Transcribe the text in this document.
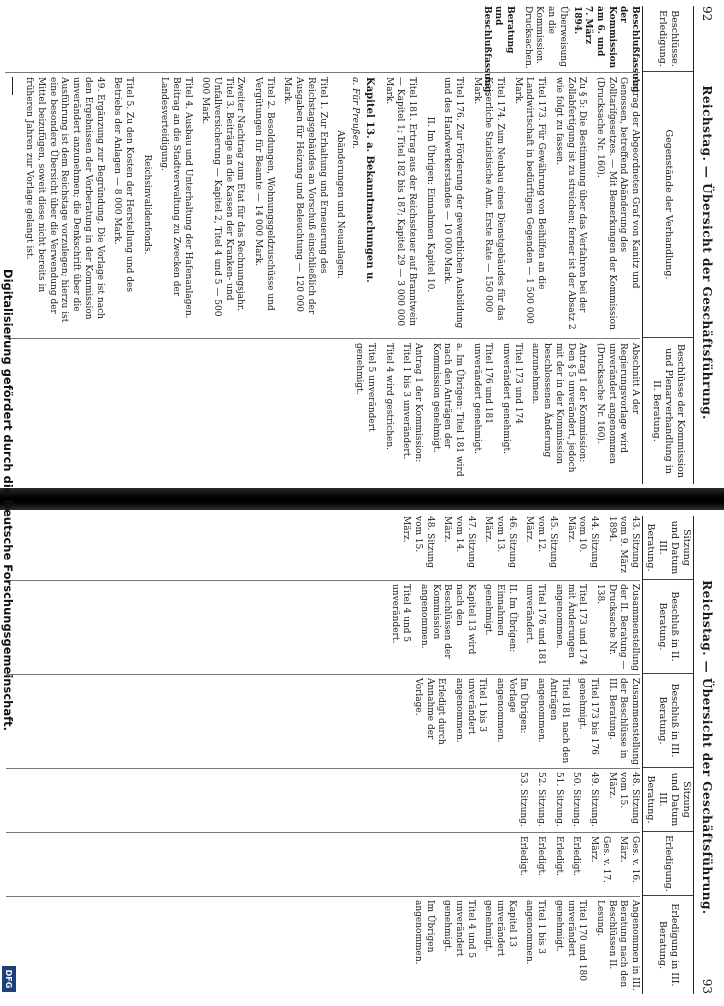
92
Reichstag. — Übersicht der Geschäftsführung.
Beschlüsse. Erledigung.
Gegenstände der Verhandlung.
Beschlüsse der Kommission und Plenarverhandlung in II. Beratung.
Beschlußfassung der Kommission am 6. und 7. März 1894.
Überweisung an die Kommission. Drucksachen.
Beratung und Beschlußfassung.
Antrag der Abgeordneten Graf von Kanitz und Genossen, betreffend Abänderung des Zolltarifgesetzes. — Mit Bemerkungen der Kommission (Drucksache Nr. 160).
Zu § 5: Die Bestimmung über das Verfahren bei der Zollabfertigung ist zu streichen; ferner ist der Absatz 2 wie folgt zu fassen.
Titel 173. Für Gewährung von Beihilfen an die Landwirtschaft in bedürftigen Gegenden — 1 500 000 Mark.
Titel 174. Zum Neubau eines Dienstgebäudes für das Kaiserliche Statistische Amt. Erste Rate — 150 000 Mark.
Titel 176. Zur Förderung der gewerblichen Ausbildung und des Handwerkerstandes — 10 000 Mark.
II. Im Übrigen: Einnahmen Kapitel 10.
Titel 181. Ertrag aus der Reichssteuer auf Branntwein — Kapitel 1; Titel 182 bis 187; Kapitel 29 — 3 000 000 Mark.
Kapitel 13. a. Bekanntmachungen u.
a. Für Preußen.
Abänderungen und Neuanlagen.
Titel 1. Zur Erhaltung und Erneuerung des Reichstagsgebäudes an Vorschuß einschließlich der Ausgaben für Heizung und Beleuchtung — 120 000 Mark.
Titel 2. Besoldungen, Wohnungsgeldzuschüsse und Vergütungen für Beamte — 14 000 Mark.
Zweiter Nachtrag zum Etat für das Rechnungsjahr. Titel 3. Beiträge an die Kassen der Kranken- und Unfallversicherung — Kapitel 2, Titel 4 und 5 — 500 000 Mark.
Titel 4. Ausbau und Unterhaltung der Hafenanlagen. Beitrag an die Stadtverwaltung zu Zwecken der Landesverteidigung.
Reichsinvalidenfonds.
Titel 5. Zu den Kosten der Herstellung und des Betriebs der Anlagen — 8 000 Mark.
49. Ergänzung zur Begründung. Die Vorlage ist nach den Ergebnissen der Vorberatung in der Kommission unverändert anzunehmen; die Denkschrift über die Ausführung ist dem Reichstage vorzulegen; hierzu ist eine besondere Übersicht über die Verwendung der Mittel beizufügen, soweit diese nicht bereits in früheren Jahren zur Vorlage gelangt ist.
Abschnitt A der Regierungsvorlage wird unverändert angenommen (Drucksache Nr. 160).
Antrag 1 der Kommission: Den § 5 unverändert, jedoch mit der in der Kommission beschlossenen Änderung anzunehmen.
Titel 173 und 174 unverändert genehmigt.
Titel 176 und 181 unverändert genehmigt.
a. Im Übrigen: Titel 181 wird nach den Anträgen der Kommission genehmigt.
Antrag 1 der Kommission: Titel 1 bis 3 unverändert.
Titel 4 wird gestrichen.
Titel 5 unverändert genehmigt.
Reichstag. — Übersicht der Geschäftsführung.
93
Sitzung und Datum III. Beratung.
Beschluß in II. Beratung.
Beschluß in III. Beratung.
Sitzung und Datum III. Beratung.
Erledigung.
Erledigung in III. Beratung.
43. Sitzung vom 9. März 1894.
44. Sitzung vom 10. März.
45. Sitzung vom 12. März.
46. Sitzung vom 13. März.
47. Sitzung vom 14. März.
48. Sitzung vom 15. März.
Zusammenstellung der II. Beratung — Drucksache Nr. 138.
Titel 173 und 174 mit Änderungen angenommen.
Titel 176 und 181 unverändert.
II. Im Übrigen: Einnahmen genehmigt.
Kapitel 13 wird nach den Beschlüssen der Kommission angenommen.
Titel 4 und 5 unverändert.
Zusammenstellung der Beschlüsse in III. Beratung.
Titel 173 bis 176 genehmigt.
Titel 181 nach den Anträgen angenommen.
Im Übrigen: Vorlage angenommen.
Titel 1 bis 3 unverändert angenommen.
Erledigt durch Annahme der Vorlage.
48. Sitzung vom 15. März.
49. Sitzung.
50. Sitzung.
51. Sitzung.
52. Sitzung.
53. Sitzung.
Ges. v. 16. März.
Ges. v. 17. März.
Erledigt.
Erledigt.
Erledigt.
Erledigt.
Angenommen in III. Beratung nach den Beschlüssen II. Lesung.
Titel 170 und 180 unverändert genehmigt.
Titel 1 bis 3 angenommen.
Kapitel 13 unverändert genehmigt.
Titel 4 und 5 unverändert genehmigt.
Im Übrigen angenommen.
Digitalisierung gefördert durch die Deutsche Forschungsgemeinschaft.
DFG
